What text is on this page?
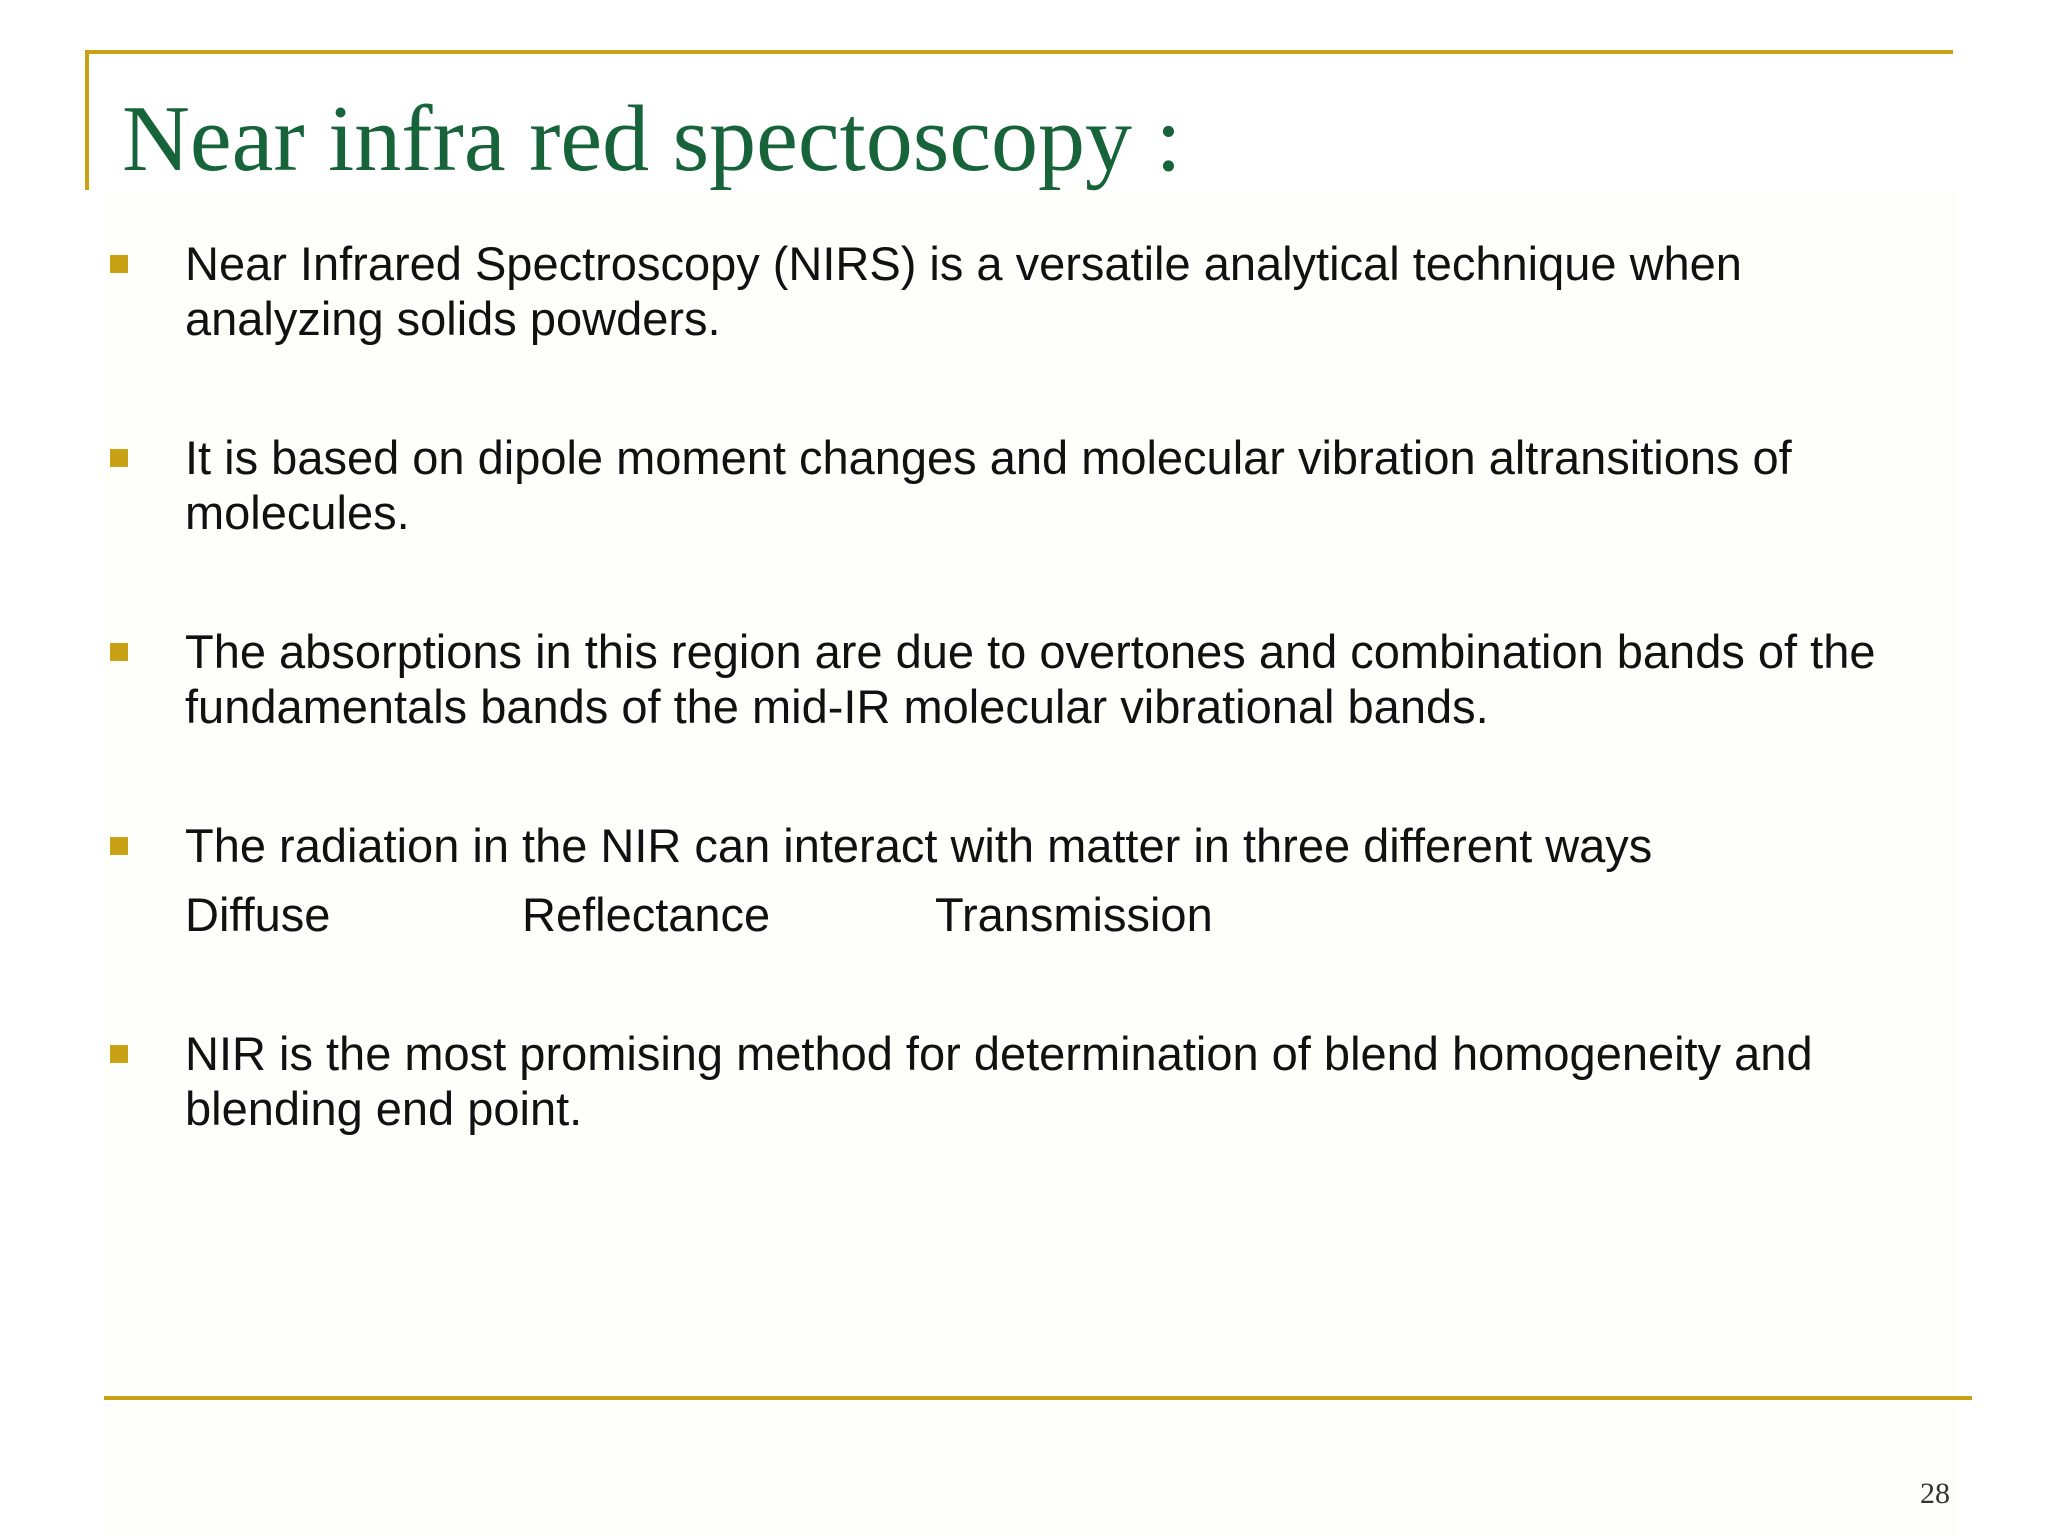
Near infra red spectoscopy :
Near Infrared Spectroscopy (NIRS) is a versatile analytical technique when analyzing solids powders.
It is based on dipole moment changes and molecular vibration altransitions of molecules.
The absorptions in this region are due to overtones and combination bands of the fundamentals bands of the mid-IR molecular vibrational bands.
The radiation in the NIR can interact with matter in three different ways
Diffuse	Reflectance	Transmission
NIR is the most promising method for determination of blend homogeneity and blending end point.
28
